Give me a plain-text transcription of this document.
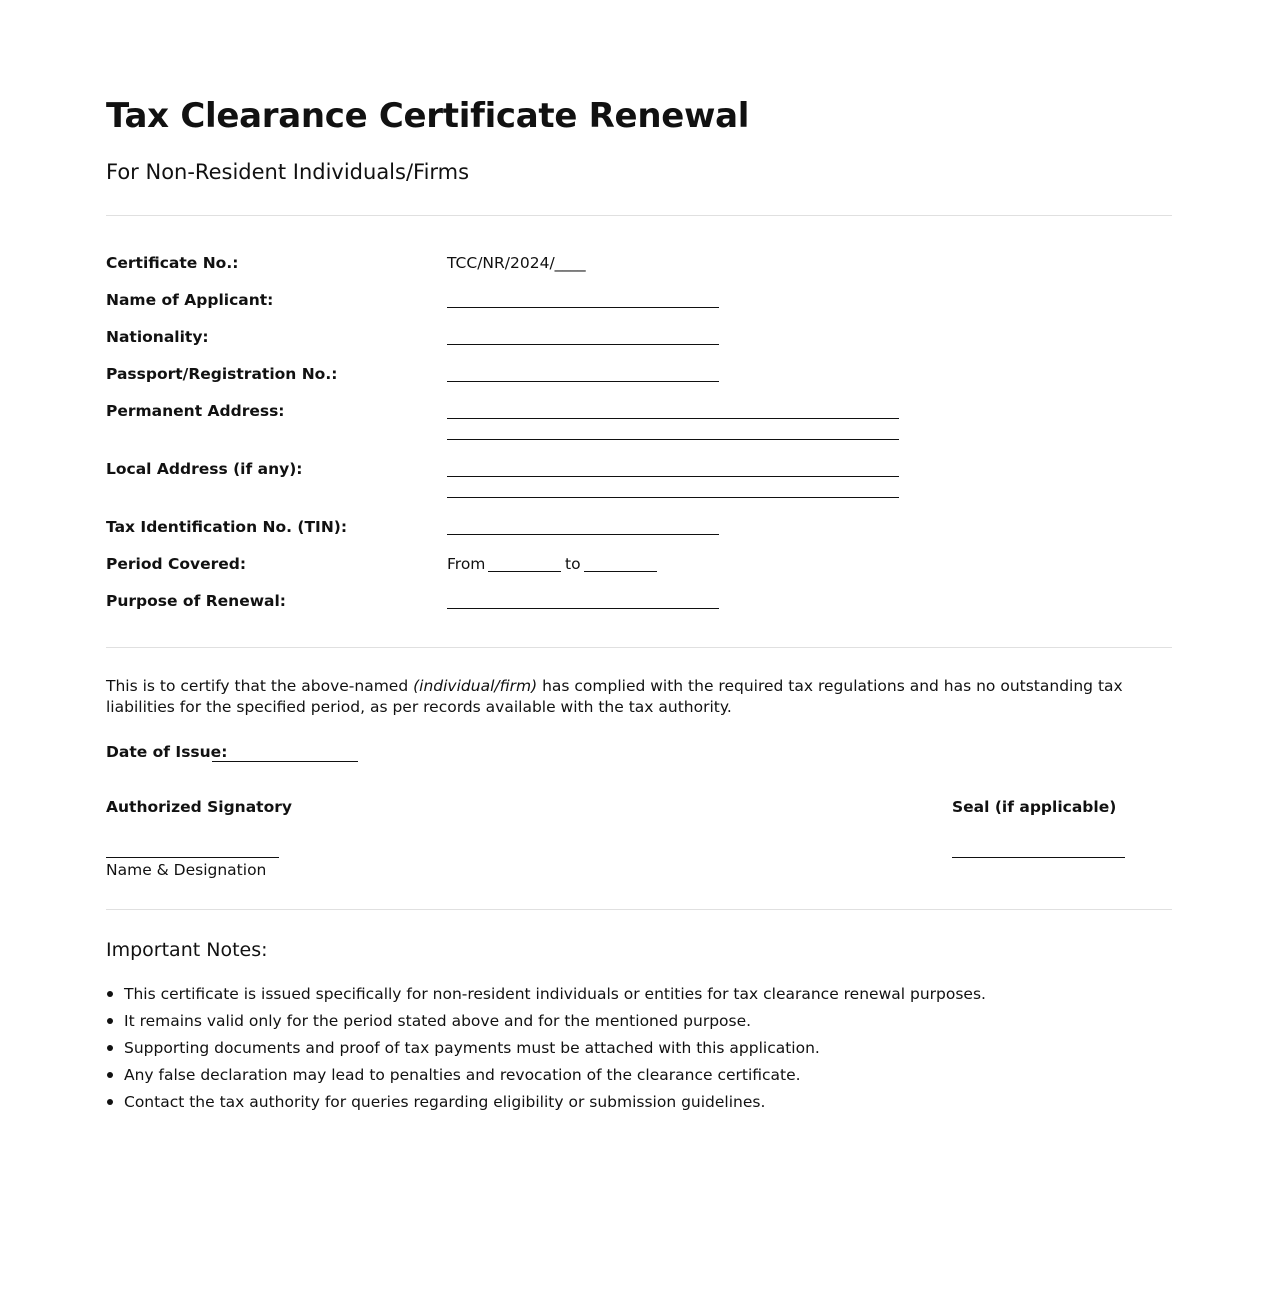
Tax Clearance Certificate Renewal
For Non-Resident Individuals/Firms
Certificate No.:	TCC/NR/2024/____
Name of Applicant:
Nationality:
Passport/Registration No.:
Permanent Address:
Local Address (if any):
Tax Identification No. (TIN):
Period Covered:	From	to
Purpose of Renewal:

This is to certify that the above-named (individual/firm) has complied with the required tax regulations and has no outstanding tax liabilities for the specified period, as per records available with the tax authority.

Date of Issue:
Authorized Signatory
Name & Designation
Seal (if applicable)
Important Notes:
This certificate is issued specifically for non-resident individuals or entities for tax clearance renewal purposes.
It remains valid only for the period stated above and for the mentioned purpose.
Supporting documents and proof of tax payments must be attached with this application.
Any false declaration may lead to penalties and revocation of the clearance certificate.
Contact the tax authority for queries regarding eligibility or submission guidelines.
